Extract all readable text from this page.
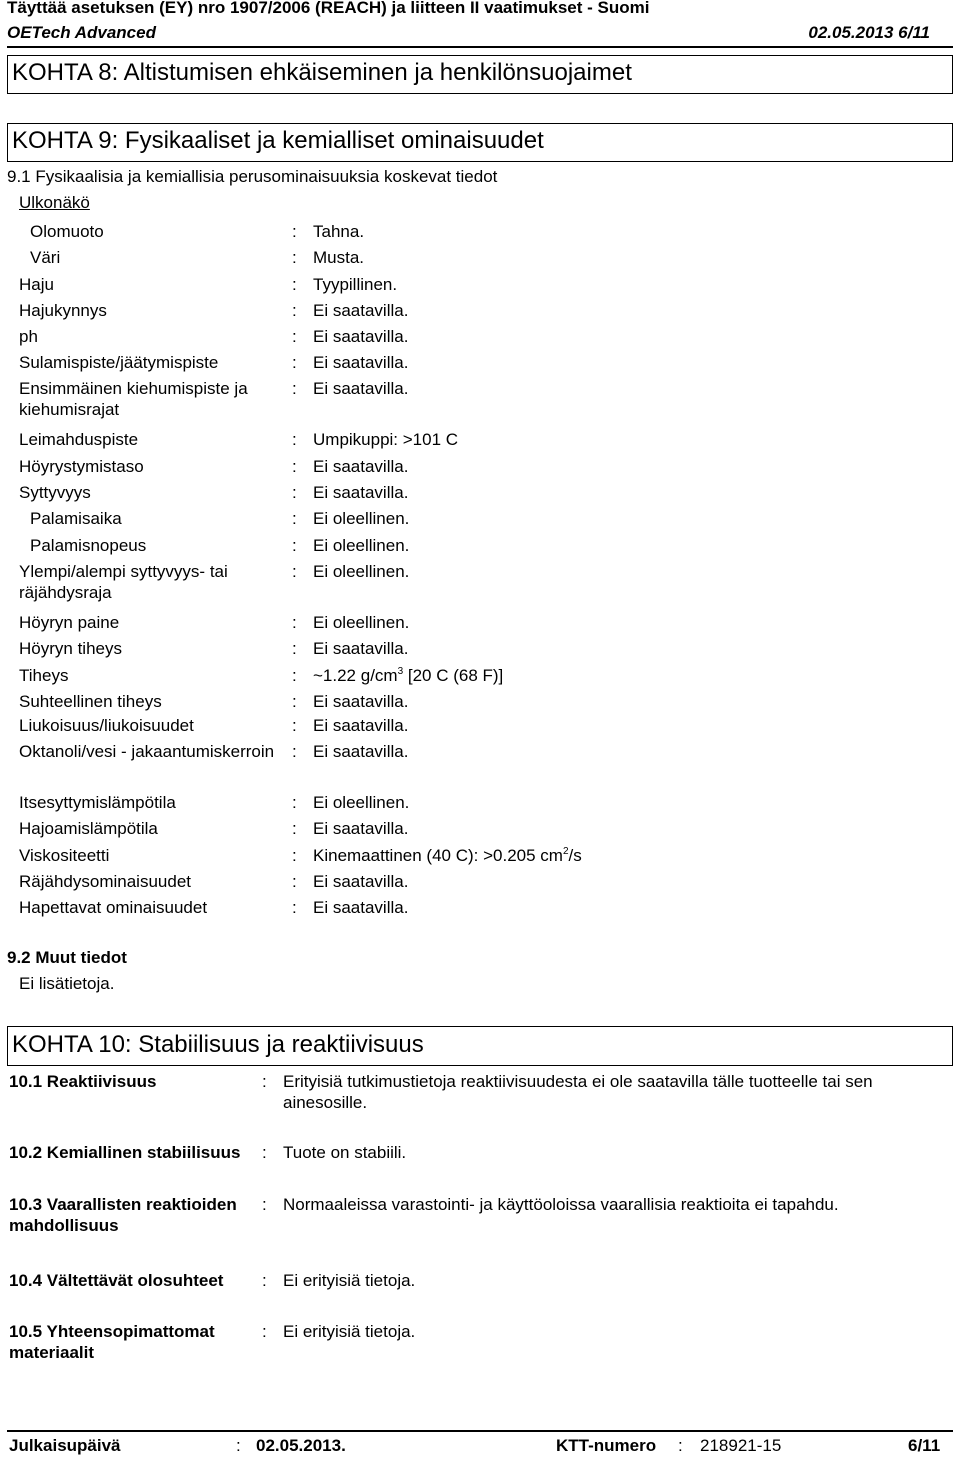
Täyttää asetuksen (EY) nro 1907/2006 (REACH) ja liitteen II vaatimukset - Suomi
OETech Advanced	02.05.2013 6/11
KOHTA 8: Altistumisen ehkäiseminen ja henkilönsuojaimet
KOHTA 9: Fysikaaliset ja kemialliset ominaisuudet
9.1 Fysikaalisia ja kemiallisia perusominaisuuksia koskevat tiedot
Ulkonäkö
Olomuoto	: Tahna.
Väri	: Musta.
Haju	: Tyypillinen.
Hajukynnys	: Ei saatavilla.
ph	: Ei saatavilla.
Sulamispiste/jäätymispiste	: Ei saatavilla.
Ensimmäinen kiehumispiste ja kiehumisrajat
: Ei saatavilla.
Leimahduspiste	: Umpikuppi: >101 C
Höyrystymistaso	: Ei saatavilla.
Syttyvyys	: Ei saatavilla.
Palamisaika	: Ei oleellinen.
Palamisnopeus	: Ei oleellinen.
Ylempi/alempi syttyvyys- tai räjähdysraja
: Ei oleellinen.
Höyryn paine	: Ei oleellinen.
Höyryn tiheys	: Ei saatavilla.
Tiheys	: ~1.22 $g/cm^3$ [20 C (68 F)]
Suhteellinen tiheys	: Ei saatavilla.
Liukoisuus/liukoisuudet	: Ei saatavilla.
Oktanoli/vesi - jakaantumiskerroin	: Ei saatavilla.
Itsesyttymislämpötila	: Ei oleellinen.
Hajoamislämpötila	: Ei saatavilla.
Viskositeetti	: Kinemaattinen (40 C): >0.205 $cm^2/s$
Räjähdysominaisuudet	: Ei saatavilla.
Hapettavat ominaisuudet	: Ei saatavilla.
9.2 Muut tiedot
Ei lisätietoja.
KOHTA 10: Stabiilisuus ja reaktiivisuus
10.1 Reaktiivisuus	: Erityisiä tutkimustietoja reaktiivisuudesta ei ole saatavilla tälle tuotteelle tai sen ainesosille.
10.2 Kemiallinen stabiilisuus	: Tuote on stabiili.
10.3 Vaarallisten reaktioiden mahdollisuus
: Normaaleissa varastointi- ja käyttöoloissa vaarallisia reaktioita ei tapahdu.
10.4 Vältettävät olosuhteet	: Ei erityisiä tietoja.
10.5 Yhteensopimattomat materiaalit
: Ei erityisiä tietoja.
Julkaisupäivä	: 02.05.2013.	KTT-numero : 218921-15	6/11
